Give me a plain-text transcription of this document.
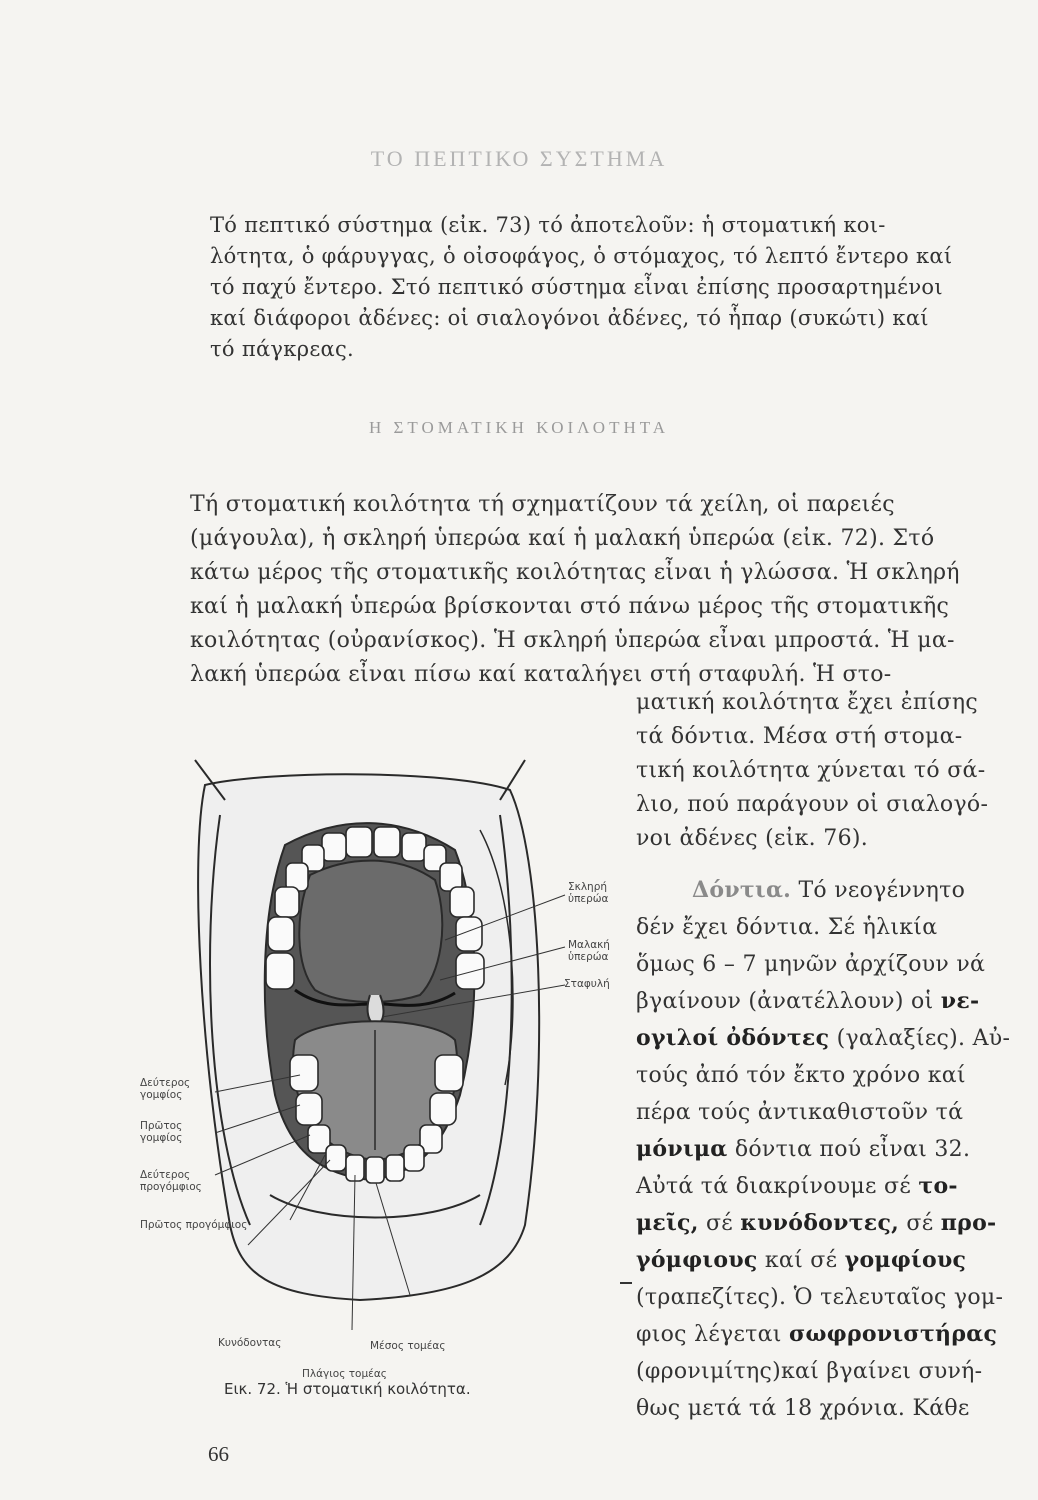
ΤΟ ΠΕΠΤΙΚΟ ΣΥΣΤΗΜΑ
Τό πεπτικό σύστημα (εἰκ. 73) τό ἀποτελοῦν: ἡ στοματική κοι-
λότητα, ὁ φάρυγγας, ὁ οἰσοφάγος, ὁ στόμαχος, τό λεπτό ἔντερο καί
τό παχύ ἔντερο. Στό πεπτικό σύστημα εἶναι ἐπίσης προσαρτημένοι
καί διάφοροι ἀδένες: οἱ σιαλογόνοι ἀδένες, τό ἧπαρ (συκώτι) καί
τό πάγκρεας.
Η ΣΤΟΜΑΤΙΚΗ ΚΟΙΛΟΤΗΤΑ
Τή στοματική κοιλότητα τή σχηματίζουν τά χείλη, οἱ παρειές
(μάγουλα), ἡ σκληρή ὑπερώα καί ἡ μαλακή ὑπερώα (εἰκ. 72). Στό
κάτω μέρος τῆς στοματικῆς κοιλότητας εἶναι ἡ γλώσσα. Ἡ σκληρή
καί ἡ μαλακή ὑπερώα βρίσκονται στό πάνω μέρος τῆς στοματικῆς
κοιλότητας (οὐρανίσκος). Ἡ σκληρή ὑπερώα εἶναι μπροστά. Ἡ μα-
λακή ὑπερώα εἶναι πίσω καί καταλήγει στή σταφυλή. Ἡ στο-
ματική κοιλότητα ἔχει ἐπίσης
τά δόντια. Μέσα στή στομα-
τική κοιλότητα χύνεται τό σά-
λιο, πού παράγουν οἱ σιαλογό-
νοι ἀδένες (εἰκ. 76).
Δόντια. Τό νεογέννητο
δέν ἔχει δόντια. Σέ ἡλικία
ὅμως 6 – 7 μηνῶν ἀρχίζουν νά
βγαίνουν (ἀνατέλλουν) οἱ νε-
ογιλοί ὀδόντες (γαλαξίες). Αὐ-
τούς ἀπό τόν ἔκτο χρόνο καί
πέρα τούς ἀντικαθιστοῦν τά
μόνιμα δόντια πού εἶναι 32.
Αὐτά τά διακρίνουμε σέ το-
μεῖς, σέ κυνόδοντες, σέ προ-
γόμφιους καί σέ γομφίους
(τραπεζίτες). Ὁ τελευταῖος γομ-
φιος λέγεται σωφρονιστήρας
(φρονιμίτης)καί βγαίνει συνή-
θως μετά τά 18 χρόνια. Κάθε
Σκληρή
ὑπερώα
Μαλακή
ὑπερώα
Σταφυλή
Δεύτερος
γομφίος
Πρῶτος
γομφίος
Δεύτερος
προγόμφιος
Πρῶτος προγόμφιος
Κυνόδοντας	Μέσος τομέας
Πλάγιος τομέας
Εικ. 72. Ἡ στοματική κοιλότητα.
66
